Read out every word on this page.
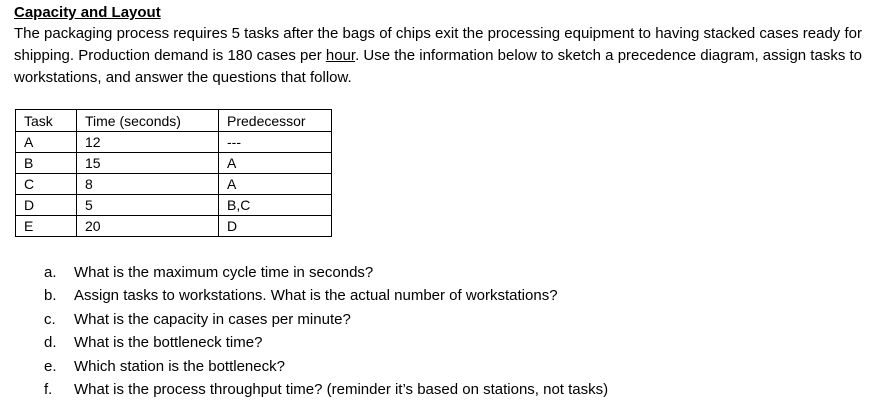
Capacity and Layout

The packaging process requires 5 tasks after the bags of chips exit the processing equipment to having stacked cases ready for shipping. Production demand is 180 cases per hour. Use the information below to sketch a precedence diagram, assign tasks to workstations, and answer the questions that follow.

Task	Time (seconds)	Predecessor
A	12	---
B	15	A
C	8	A
D	5	B,C
E	20	D
a. What is the maximum cycle time in seconds?
b. Assign tasks to workstations. What is the actual number of workstations?
c. What is the capacity in cases per minute?
d. What is the bottleneck time?
e. Which station is the bottleneck?
f. What is the process throughput time? (reminder it’s based on stations, not tasks)
